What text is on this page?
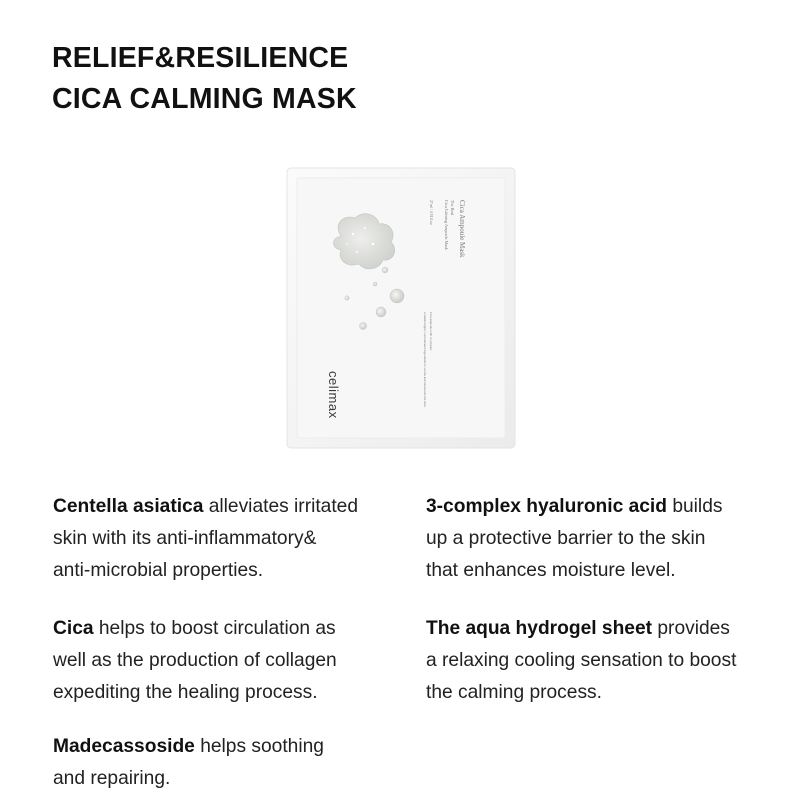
RELIEF&RESILIENCE
CICA CALMING MASK
Cica Ampoule Mask
The Real
Cica Calming Ampoule Mask
27 ml / 0.91 fl.oz
Cica ampoule with 3-complex
contains highly concentrated ingredients to soothe and moisturize the skin.
celimax

Centella asiatica alleviates irritated
skin with its anti-inflammatory&
anti-microbial properties.

Cica helps to boost circulation as
well as the production of collagen
expediting the healing process.

Madecassoside helps soothing
and repairing.

3-complex hyaluronic acid builds
up a protective barrier to the skin
that enhances moisture level.

The aqua hydrogel sheet provides
a relaxing cooling sensation to boost
the calming process.
